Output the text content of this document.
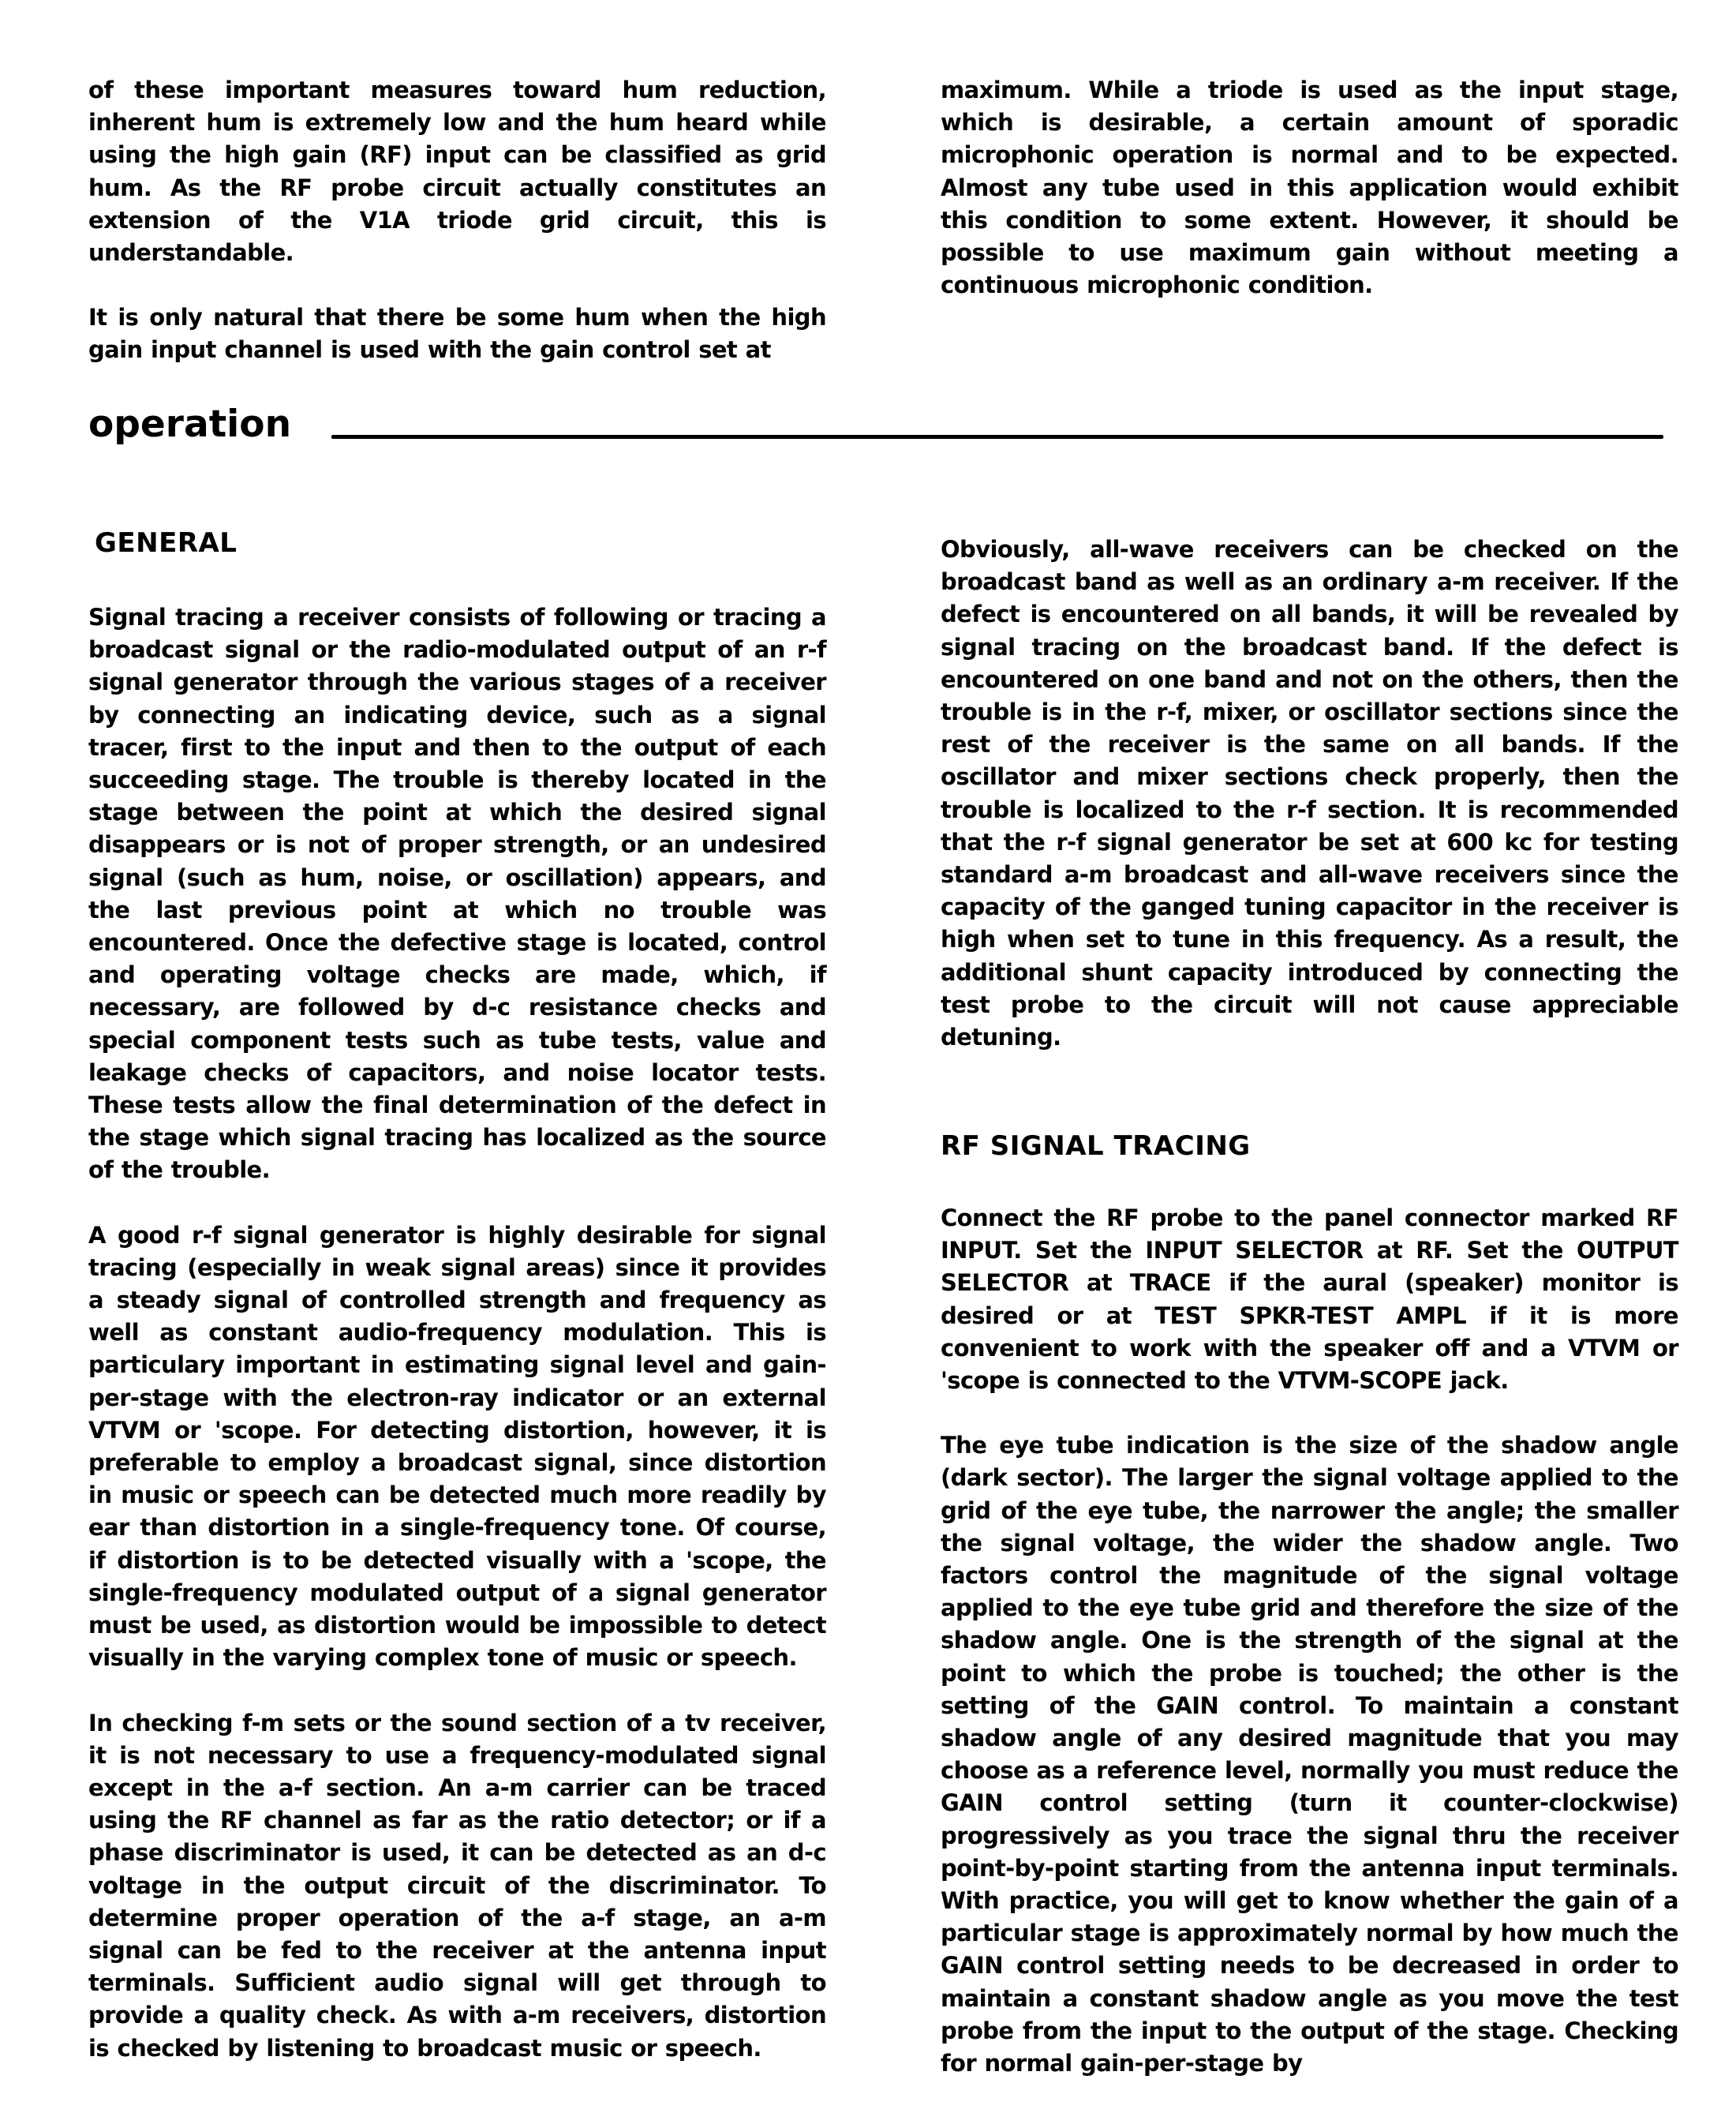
of these important measures toward hum reduction, inherent hum is extremely low and the hum heard while using the high gain (RF) input can be classified as grid hum. As the RF probe circuit actually constitutes an extension of the V1A triode grid circuit, this is understandable.

It is only natural that there be some hum when the high gain input channel is used with the gain control set at

maximum. While a triode is used as the input stage, which is desirable, a certain amount of sporadic microphonic operation is normal and to be expected. Almost any tube used in this application would exhibit this condition to some extent. However, it should be possible to use maximum gain without meeting a continuous microphonic condition.

operation
GENERAL

Signal tracing a receiver consists of following or tracing a broadcast signal or the radio-modulated output of an r-f signal generator through the various stages of a receiver by connecting an indicating device, such as a signal tracer, first to the input and then to the output of each succeeding stage. The trouble is thereby located in the stage between the point at which the desired signal disappears or is not of proper strength, or an undesired signal (such as hum, noise, or oscillation) appears, and the last previous point at which no trouble was encountered. Once the defective stage is located, control and operating voltage checks are made, which, if necessary, are followed by d-c resistance checks and special component tests such as tube tests, value and leakage checks of capacitors, and noise locator tests. These tests allow the final determination of the defect in the stage which signal tracing has localized as the source of the trouble.

A good r-f signal generator is highly desirable for signal tracing (especially in weak signal areas) since it provides a steady signal of controlled strength and frequency as well as constant audio-frequency modulation. This is particulary important in estimating signal level and gain-per-stage with the electron-ray indicator or an external VTVM or 'scope. For detecting distortion, however, it is preferable to employ a broadcast signal, since distortion in music or speech can be detected much more readily by ear than distortion in a single-frequency tone. Of course, if distortion is to be detected visually with a 'scope, the single-frequency modulated output of a signal generator must be used, as distortion would be impossible to detect visually in the varying complex tone of music or speech.

In checking f-m sets or the sound section of a tv receiver, it is not necessary to use a frequency-modulated signal except in the a-f section. An a-m carrier can be traced using the RF channel as far as the ratio detector; or if a phase discriminator is used, it can be detected as an d-c voltage in the output circuit of the discriminator. To determine proper operation of the a-f stage, an a-m signal can be fed to the receiver at the antenna input terminals. Sufficient audio signal will get through to provide a quality check. As with a-m receivers, distortion is checked by listening to broadcast music or speech.

Obviously, all-wave receivers can be checked on the broadcast band as well as an ordinary a-m receiver. If the defect is encountered on all bands, it will be revealed by signal tracing on the broadcast band. If the defect is encountered on one band and not on the others, then the trouble is in the r-f, mixer, or oscillator sections since the rest of the receiver is the same on all bands. If the oscillator and mixer sections check properly, then the trouble is localized to the r-f section. It is recommended that the r-f signal generator be set at 600 kc for testing standard a-m broadcast and all-wave receivers since the capacity of the ganged tuning capacitor in the receiver is high when set to tune in this frequency. As a result, the additional shunt capacity introduced by connecting the test probe to the circuit will not cause appreciable detuning.

RF SIGNAL TRACING

Connect the RF probe to the panel connector marked RF INPUT. Set the INPUT SELECTOR at RF. Set the OUTPUT SELECTOR at TRACE if the aural (speaker) monitor is desired or at TEST SPKR-TEST AMPL if it is more convenient to work with the speaker off and a VTVM or 'scope is connected to the VTVM-SCOPE jack.

The eye tube indication is the size of the shadow angle (dark sector). The larger the signal voltage applied to the grid of the eye tube, the narrower the angle; the smaller the signal voltage, the wider the shadow angle. Two factors control the magnitude of the signal voltage applied to the eye tube grid and therefore the size of the shadow angle. One is the strength of the signal at the point to which the probe is touched; the other is the setting of the GAIN control. To maintain a constant shadow angle of any desired magnitude that you may choose as a reference level, normally you must reduce the GAIN control setting (turn it counter-clockwise) progressively as you trace the signal thru the receiver point-by-point starting from the antenna input terminals. With practice, you will get to know whether the gain of a particular stage is approximately normal by how much the GAIN control setting needs to be decreased in order to maintain a constant shadow angle as you move the test probe from the input to the output of the stage. Checking for normal gain-per-stage by
